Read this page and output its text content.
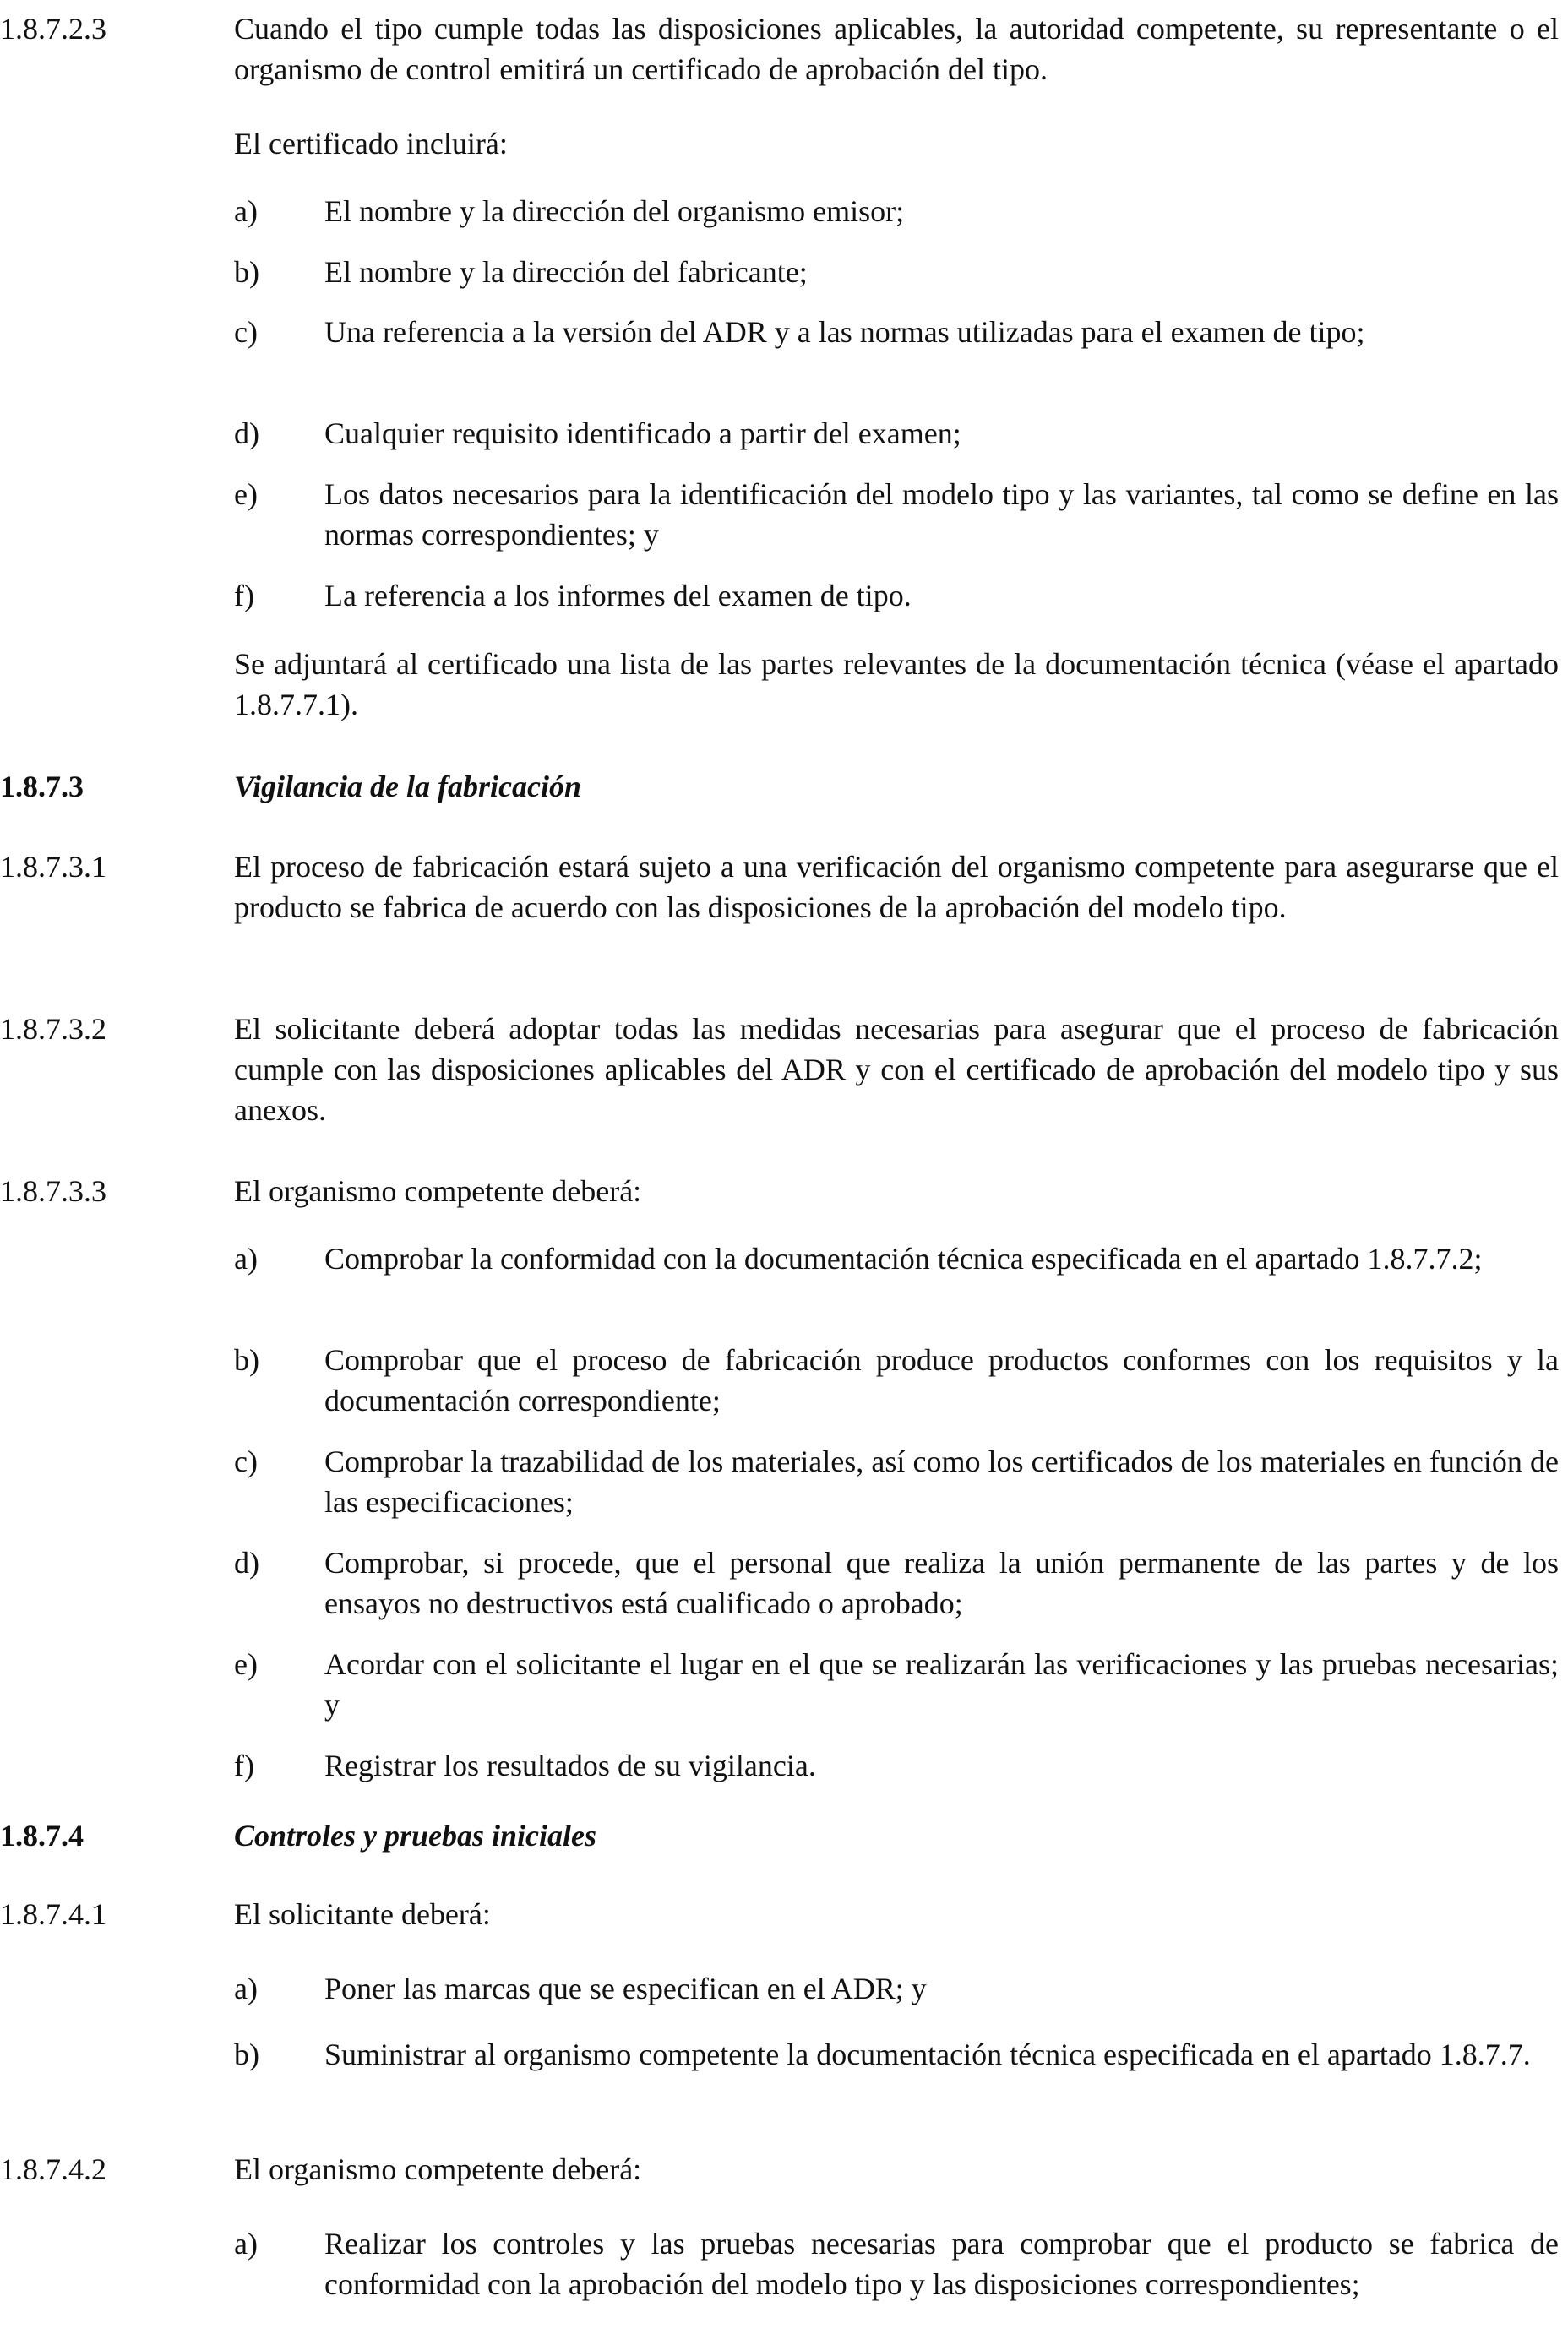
1.8.7.2.3	Cuando el tipo cumple todas las disposiciones aplicables, la autoridad competente, su representante o el organismo de control emitirá un certificado de aprobación del tipo.
El certificado incluirá:
a) El nombre y la dirección del organismo emisor;
b) El nombre y la dirección del fabricante;
c) Una referencia a la versión del ADR y a las normas utilizadas para el examen de tipo;
d) Cualquier requisito identificado a partir del examen;
e) Los datos necesarios para la identificación del modelo tipo y las variantes, tal como se define en las normas correspondientes; y
f) La referencia a los informes del examen de tipo.
Se adjuntará al certificado una lista de las partes relevantes de la documentación técnica (véase el apartado 1.8.7.7.1).
1.8.7.3	Vigilancia de la fabricación
1.8.7.3.1	El proceso de fabricación estará sujeto a una verificación del organismo competente para asegurarse que el producto se fabrica de acuerdo con las disposiciones de la aprobación del modelo tipo.
1.8.7.3.2	El solicitante deberá adoptar todas las medidas necesarias para asegurar que el proceso de fabricación cumple con las disposiciones aplicables del ADR y con el certificado de aprobación del modelo tipo y sus anexos.
1.8.7.3.3	El organismo competente deberá:
a) Comprobar la conformidad con la documentación técnica especificada en el apartado 1.8.7.7.2;
b) Comprobar que el proceso de fabricación produce productos conformes con los requisitos y la documentación correspondiente;
c) Comprobar la trazabilidad de los materiales, así como los certificados de los materiales en función de las especificaciones;
d) Comprobar, si procede, que el personal que realiza la unión permanente de las partes y de los ensayos no destructivos está cualificado o aprobado;
e) Acordar con el solicitante el lugar en el que se realizarán las verificaciones y las pruebas necesarias; y
f) Registrar los resultados de su vigilancia.
1.8.7.4	Controles y pruebas iniciales
1.8.7.4.1	El solicitante deberá:
a) Poner las marcas que se especifican en el ADR; y
b) Suministrar al organismo competente la documentación técnica especificada en el apartado 1.8.7.7.
1.8.7.4.2	El organismo competente deberá:
a) Realizar los controles y las pruebas necesarias para comprobar que el producto se fabrica de conformidad con la aprobación del modelo tipo y las disposiciones correspondientes;
